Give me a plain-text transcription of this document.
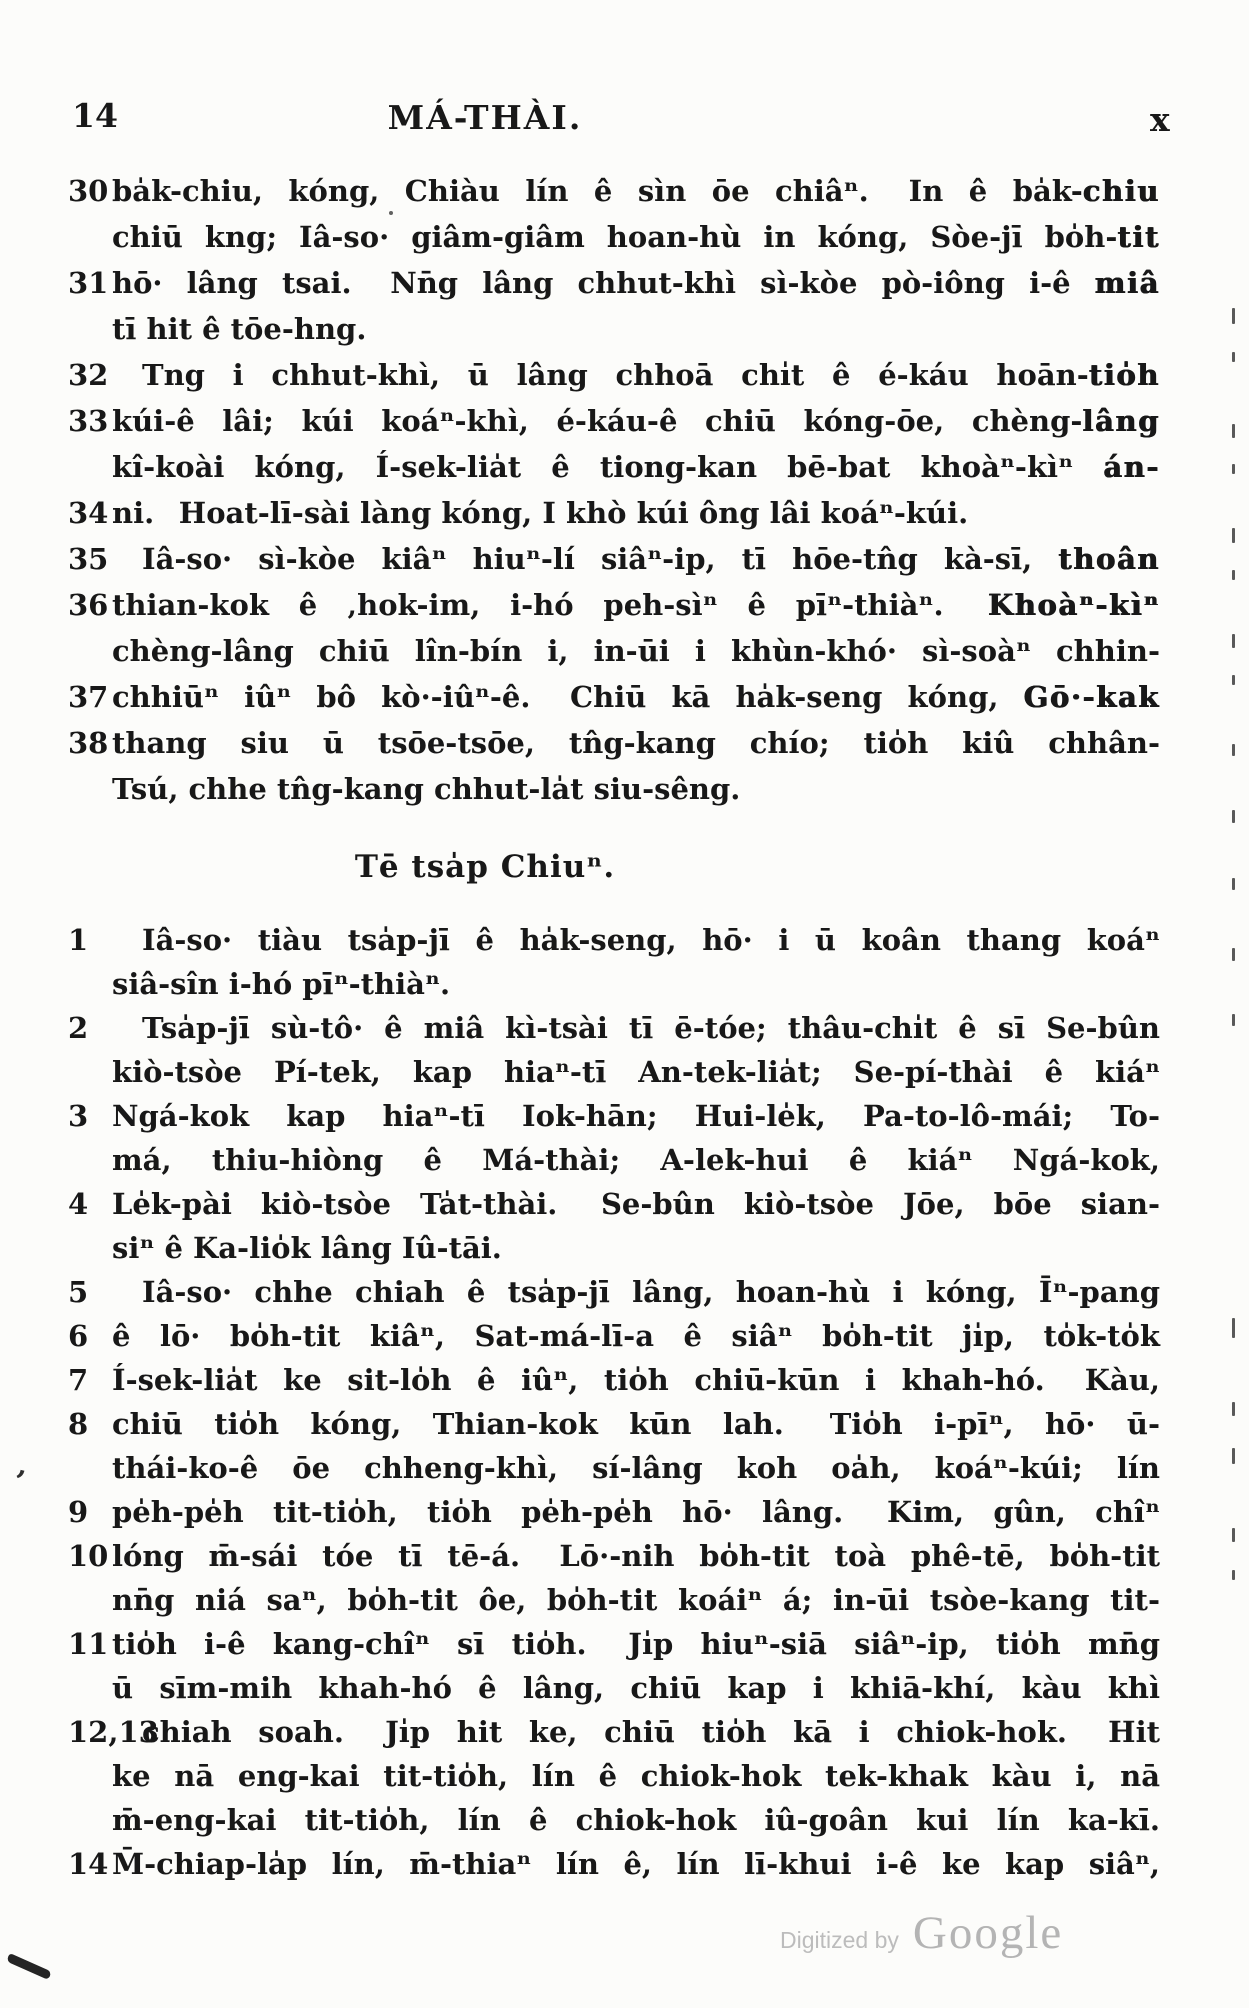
14	MÁ-THÀI.	x
30 ba̍k-chiu, kóng, Chiàu lín ê sìn ōe chiâⁿ.  In ê ba̍k-chiu
chiū kng; Iâ-so· giâm-giâm hoan-hù in kóng, Sòe-jī bo̍h-tit
31 hō· lâng tsai.  Nn̄g lâng chhut-khì sì-kòe pò-iông i-ê miâ
tī hit ê tōe-hng.
32 Tng i chhut-khì, ū lâng chhoā chi̍t ê é-káu hoān-tio̍h
33 kúi-ê lâi; kúi koáⁿ-khì, é-káu-ê chiū kóng-ōe, chèng-lâng
kî-koài kóng, Í-sek-lia̍t ê tiong-kan bē-bat khoàⁿ-kìⁿ án-
34 ni.  Hoat-lī-sài làng kóng, I khò kúi ông lâi koáⁿ-kúi.
35 Iâ-so· sì-kòe kiâⁿ hiuⁿ-lí siâⁿ-ip, tī hōe-tn̂g kà-sī, thoân
36 thian-kok ê ‚hok-im, i-hó peh-sìⁿ ê pīⁿ-thiàⁿ.  Khoàⁿ-kìⁿ
chèng-lâng chiū lîn-bín i, in-ūi i khùn-khó· sì-soàⁿ chhin-
37 chhiūⁿ iûⁿ bô kò·-iûⁿ-ê.  Chiū kā ha̍k-seng kóng, Gō·-kak
38 thang siu ū tsōe-tsōe, tn̂g-kang chío; tio̍h kiû chhân-
Tsú, chhe tn̂g-kang chhut-la̍t siu-sêng.
Tē tsa̍p Chiuⁿ.
1 Iâ-so· tiàu tsa̍p-jī ê ha̍k-seng, hō· i ū koân thang koáⁿ
siâ-sîn i-hó pīⁿ-thiàⁿ.
2 Tsa̍p-jī sù-tô· ê miâ kì-tsài tī ē-tóe; thâu-chi̍t ê sī Se-bûn
kiò-tsòe Pí-tek, kap hiaⁿ-tī An-tek-lia̍t; Se-pí-thài ê kiáⁿ
3 Ngá-kok kap hiaⁿ-tī Iok-hān; Hui-le̍k, Pa-to-lô-mái; To-
má, thiu-hiòng ê Má-thài; A-lek-hui ê kiáⁿ Ngá-kok,
4 Le̍k-pài kiò-tsòe Ta̍t-thài.  Se-bûn kiò-tsòe Jōe, bōe sian-
siⁿ ê Ka-lio̍k lâng Iû-tāi.
5 Iâ-so· chhe chiah ê tsa̍p-jī lâng, hoan-hù i kóng, Īⁿ-pang
6 ê lō· bo̍h-tit kiâⁿ, Sat-má-lī-a ê siâⁿ bo̍h-tit ji̍p, to̍k-to̍k
7 Í-sek-lia̍t ke sit-lo̍h ê iûⁿ, tio̍h chiū-kūn i khah-hó.  Kàu,
8 chiū tio̍h kóng, Thian-kok kūn lah.  Tio̍h i-pīⁿ, hō· ū-
thái-ko-ê ōe chheng-khì, sí-lâng koh oa̍h, koáⁿ-kúi; lín
9 pe̍h-pe̍h tit-tio̍h, tio̍h pe̍h-pe̍h hō· lâng.  Kim, gûn, chîⁿ
10 lóng m̄-sái tóe tī tē-á.  Lō·-nih bo̍h-tit toà phê-tē, bo̍h-tit
nn̄g niá saⁿ, bo̍h-tit ôe, bo̍h-tit koáiⁿ á; in-ūi tsòe-kang tit-
11 tio̍h i-ê kang-chîⁿ sī tio̍h.  Ji̍p hiuⁿ-siā siâⁿ-ip, tio̍h mn̄g
ū sīm-mih khah-hó ê lâng, chiū kap i khiā-khí, kàu khì
12,13
chiah soah.  Ji̍p hit ke, chiū tio̍h kā i chiok-hok.  Hit
ke nā eng-kai tit-tio̍h, lín ê chiok-hok tek-khak kàu i, nā
m̄-eng-kai tit-tio̍h, lín ê chiok-hok iû-goân kui lín ka-kī.
14 M̄-chiap-la̍p lín, m̄-thiaⁿ lín ê, lín lī-khui i-ê ke kap siâⁿ,
Digitized by Google
‚
